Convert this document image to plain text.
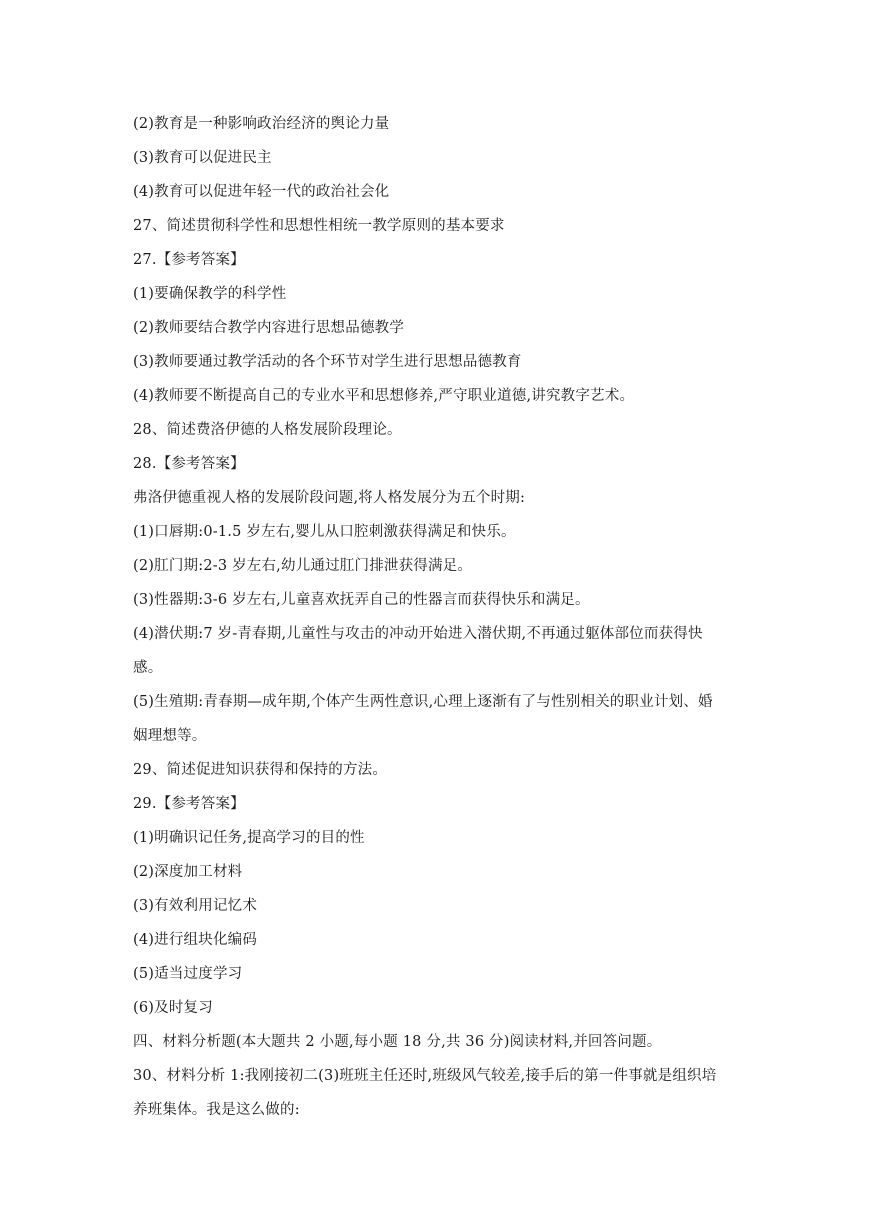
(2)教育是一种影响政治经济的舆论力量
(3)教育可以促进民主
(4)教育可以促进年轻一代的政治社会化
27、简述贯彻科学性和思想性相统一教学原则的基本要求
27.【参考答案】
(1)要确保教学的科学性
(2)教师要结合教学内容进行思想品德教学
(3)教师要通过教学活动的各个环节对学生进行思想品德教育
(4)教师要不断提高自己的专业水平和思想修养,严守职业道德,讲究教字艺术。
28、简述费洛伊德的人格发展阶段理论。
28.【参考答案】
弗洛伊德重视人格的发展阶段问题,将人格发展分为五个时期:
(1)口唇期:0-1.5 岁左右,婴儿从口腔刺激获得满足和快乐。
(2)肛门期:2-3 岁左右,幼儿通过肛门排泄获得满足。
(3)性器期:3-6 岁左右,儿童喜欢抚弄自己的性器言而获得快乐和满足。
(4)潜伏期:7 岁-青春期,儿童性与攻击的冲动开始进入潜伏期,不再通过躯体部位而获得快
感。
(5)生殖期:青春期—成年期,个体产生两性意识,心理上逐渐有了与性别相关的职业计划、婚
姻理想等。
29、简述促进知识获得和保持的方法。
29.【参考答案】
(1)明确识记任务,提高学习的目的性
(2)深度加工材料
(3)有效利用记忆术
(4)进行组块化编码
(5)适当过度学习
(6)及时复习
四、材料分析题(本大题共 2 小题,每小题 18 分,共 36 分)阅读材料,并回答问题。
30、材料分析 1:我刚接初二(3)班班主任还时,班级风气较差,接手后的第一件事就是组织培
养班集体。我是这么做的:
